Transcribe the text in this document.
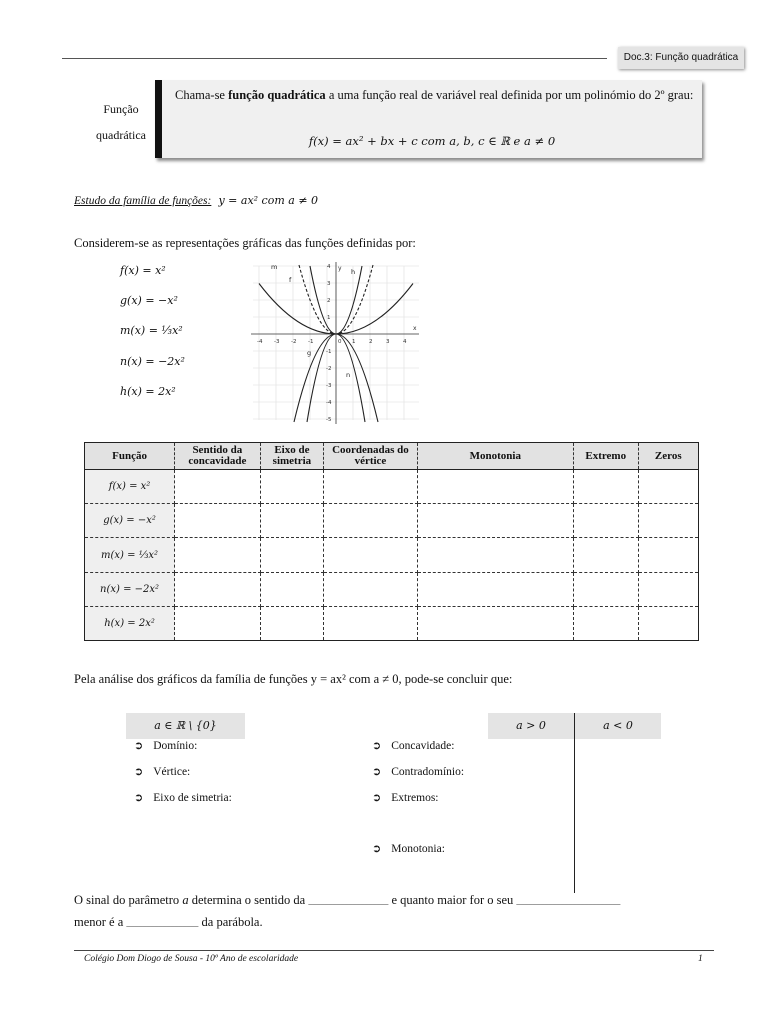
Doc.3: Função quadrática
Função
quadrática
Chama-se função quadrática a uma função real de variável real definida por um polinómio do 2º grau:
f(x) = ax² + bx + c com a, b, c ∈ ℝ e a ≠ 0
Estudo da família de funções: y = ax² com a ≠ 0
Considerem-se as representações gráficas das funções definidas por:
f(x) = x²
g(x) = −x²
m(x) = ⅓x²
n(x) = −2x²
h(x) = 2x²
-4 -3 -2 -1	0 1 2 3 4
4
3
2
1
-1
-2
-3
-4
-5
x
y
m
f
h
g
n
Função	Sentido da concavidade	Eixo de simetria	Coordenadas do vértice	Monotonia	Extremo	Zeros
f(x) = x²						
g(x) = −x²						
m(x) = ⅓x²						
n(x) = −2x²						
h(x) = 2x²						
Pela análise dos gráficos da família de funções y = ax² com a ≠ 0, pode-se concluir que:
a ∈ ℝ \ {0}	a > 0	a < 0
➲ Domínio:
➲ Vértice:
➲ Eixo de simetria:
➲ Concavidade:
➲ Contradomínio:
➲ Extremos:
➲ Monotonia:
O sinal do parâmetro a determina o sentido da ____________________ e quanto maior for o seu __________________________
menor é a __________________ da parábola.
Colégio Dom Diogo de Sousa - 10º Ano de escolaridade	1
